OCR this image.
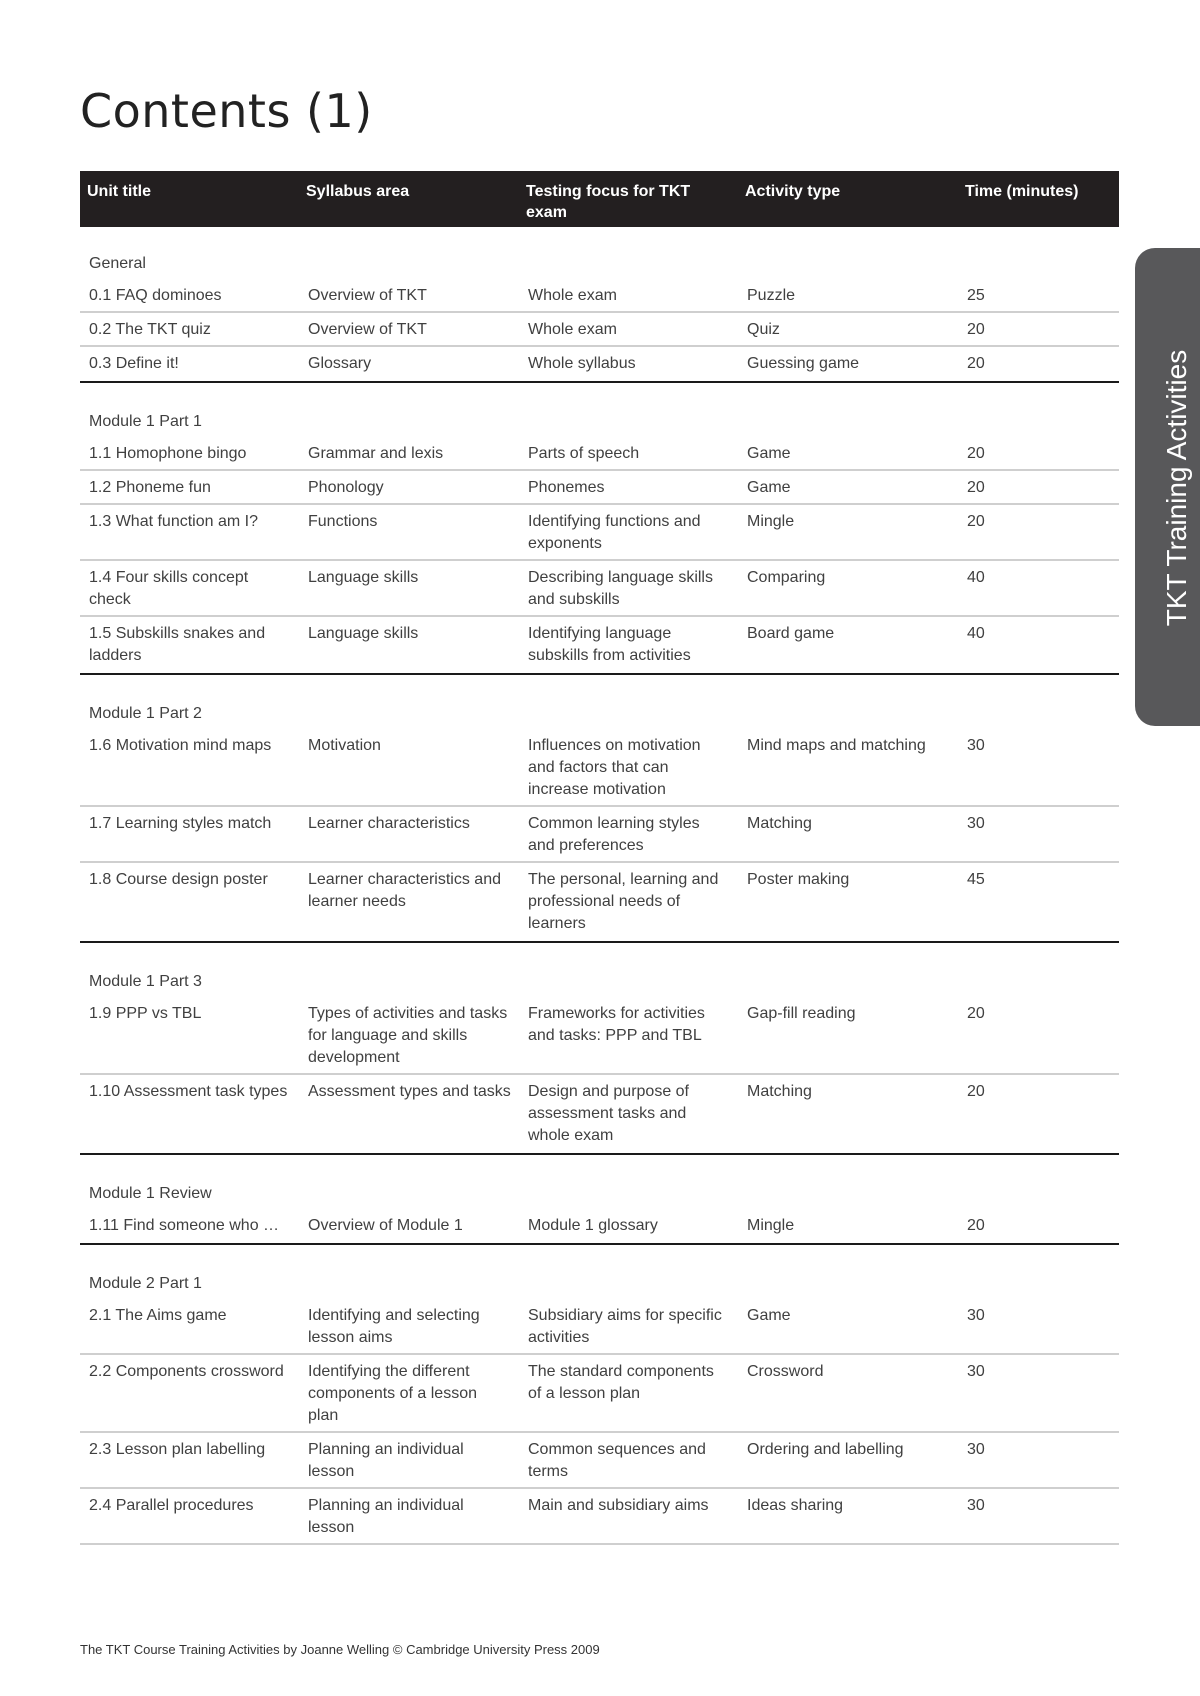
Contents (1)
Unit title	Syllabus area	Testing focus for TKT exam	Activity type	Time (minutes)
General				
0.1 FAQ dominoes	Overview of TKT	Whole exam	Puzzle	25
0.2 The TKT quiz	Overview of TKT	Whole exam	Quiz	20
0.3 Define it!	Glossary	Whole syllabus	Guessing game	20
Module 1 Part 1				
1.1 Homophone bingo	Grammar and lexis	Parts of speech	Game	20
1.2 Phoneme fun	Phonology	Phonemes	Game	20
1.3 What function am I?	Functions	Identifying functions and exponents	Mingle	20
1.4 Four skills concept check	Language skills	Describing language skills and subskills	Comparing	40
1.5 Subskills snakes and ladders	Language skills	Identifying language subskills from activities	Board game	40
Module 1 Part 2				
1.6 Motivation mind maps	Motivation	Influences on motivation and factors that can increase motivation	Mind maps and matching	30
1.7 Learning styles match	Learner characteristics	Common learning styles and preferences	Matching	30
1.8 Course design poster	Learner characteristics and learner needs	The personal, learning and professional needs of learners	Poster making	45
Module 1 Part 3				
1.9 PPP vs TBL	Types of activities and tasks for language and skills development	Frameworks for activities and tasks: PPP and TBL	Gap-fill reading	20
1.10 Assessment task types	Assessment types and tasks	Design and purpose of assessment tasks and whole exam	Matching	20
Module 1 Review				
1.11 Find someone who …	Overview of Module 1	Module 1 glossary	Mingle	20
Module 2 Part 1				
2.1 The Aims game	Identifying and selecting lesson aims	Subsidiary aims for specific activities	Game	30
2.2 Components crossword	Identifying the different components of a lesson plan	The standard components of a lesson plan	Crossword	30
2.3 Lesson plan labelling	Planning an individual lesson	Common sequences and terms	Ordering and labelling	30
2.4 Parallel procedures	Planning an individual lesson	Main and subsidiary aims	Ideas sharing	30
TKT Training Activities
The TKT Course Training Activities by Joanne Welling © Cambridge University Press 2009
